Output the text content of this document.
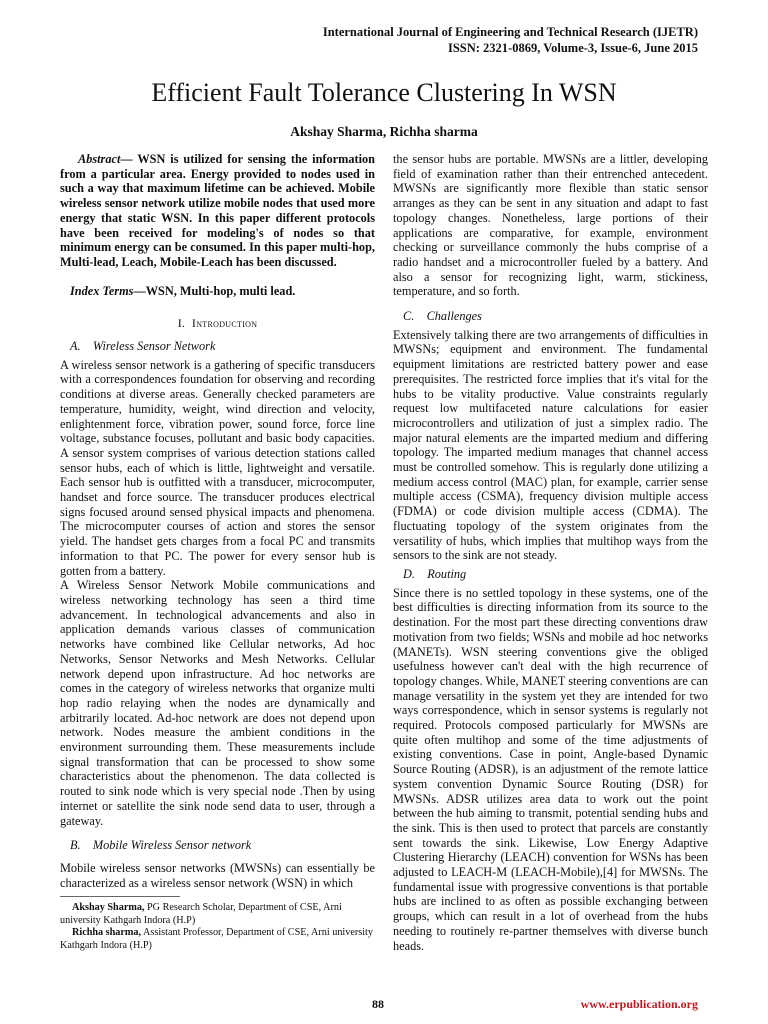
International Journal of Engineering and Technical Research (IJETR)
ISSN: 2321-0869, Volume-3, Issue-6, June 2015
Efficient Fault Tolerance Clustering In WSN
Akshay Sharma, Richha sharma

Abstract— WSN is utilized for sensing the information from a particular area. Energy provided to nodes used in such a way that maximum lifetime can be achieved. Mobile wireless sensor network utilize mobile nodes that used more energy that static WSN. In this paper different protocols have been received for modeling's of nodes so that minimum energy can be consumed. In this paper multi-hop, Multi-lead, Leach, Mobile-Leach has been discussed.

Index Terms—WSN, Multi-hop, multi lead.

I. Introduction
A. Wireless Sensor Network

A wireless sensor network is a gathering of specific transducers with a correspondences foundation for observing and recording conditions at diverse areas. Generally checked parameters are temperature, humidity, weight, wind direction and velocity, enlightenment force, vibration power, sound force, force line voltage, substance focuses, pollutant and basic body capacities. A sensor system comprises of various detection stations called sensor hubs, each of which is little, lightweight and versatile. Each sensor hub is outfitted with a transducer, microcomputer, handset and force source. The transducer produces electrical signs focused around sensed physical impacts and phenomena. The microcomputer courses of action and stores the sensor yield. The handset gets charges from a focal PC and transmits information to that PC. The power for every sensor hub is gotten from a battery.

A Wireless Sensor Network Mobile communications and wireless networking technology has seen a third time advancement. In technological advancements and also in application demands various classes of communication networks have combined like Cellular networks, Ad hoc Networks, Sensor Networks and Mesh Networks. Cellular network depend upon infrastructure. Ad hoc networks are comes in the category of wireless networks that organize multi hop radio relaying when the nodes are dynamically and arbitrarily located. Ad-hoc network are does not depend upon network. Nodes measure the ambient conditions in the environment surrounding them. These measurements include signal transformation that can be processed to show some characteristics about the phenomenon. The data collected is routed to sink node which is very special node .Then by using internet or satellite the sink node send data to user, through a gateway.

B. Mobile Wireless Sensor network

Mobile wireless sensor networks (MWSNs) can essentially be characterized as a wireless sensor network (WSN) in which

the sensor hubs are portable. MWSNs are a littler, developing field of examination rather than their entrenched antecedent. MWSNs are significantly more flexible than static sensor arranges as they can be sent in any situation and adapt to fast topology changes. Nonetheless, large portions of their applications are comparative, for example, environment checking or surveillance commonly the hubs comprise of a radio handset and a microcontroller fueled by a battery. And also a sensor for recognizing light, warm, stickiness, temperature, and so forth.

C. Challenges

Extensively talking there are two arrangements of difficulties in MWSNs; equipment and environment. The fundamental equipment limitations are restricted battery power and ease prerequisites. The restricted force implies that it's vital for the hubs to be vitality productive. Value constraints regularly request low multifaceted nature calculations for easier microcontrollers and utilization of just a simplex radio. The major natural elements are the imparted medium and differing topology. The imparted medium manages that channel access must be controlled somehow. This is regularly done utilizing a medium access control (MAC) plan, for example, carrier sense multiple access (CSMA), frequency division multiple access (FDMA) or code division multiple access (CDMA). The fluctuating topology of the system originates from the versatility of hubs, which implies that multihop ways from the sensors to the sink are not steady.

D. Routing

Since there is no settled topology in these systems, one of the best difficulties is directing information from its source to the destination. For the most part these directing conventions draw motivation from two fields; WSNs and mobile ad hoc networks (MANETs). WSN steering conventions give the obliged usefulness however can't deal with the high recurrence of topology changes. While, MANET steering conventions are can manage versatility in the system yet they are intended for two ways correspondence, which in sensor systems is regularly not required. Protocols composed particularly for MWSNs are quite often multihop and some of the time adjustments of existing conventions. Case in point, Angle-based Dynamic Source Routing (ADSR), is an adjustment of the remote lattice system convention Dynamic Source Routing (DSR) for MWSNs. ADSR utilizes area data to work out the point between the hub aiming to transmit, potential sending hubs and the sink. This is then used to protect that parcels are constantly sent towards the sink. Likewise, Low Energy Adaptive Clustering Hierarchy (LEACH) convention for WSNs has been adjusted to LEACH-M (LEACH-Mobile),[4] for MWSNs. The fundamental issue with progressive conventions is that portable hubs are inclined to as often as possible exchanging between groups, which can result in a lot of overhead from the hubs needing to routinely re-partner themselves with diverse bunch heads.

Akshay Sharma, PG Research Scholar, Department of CSE, Arni university Kathgarh Indora (H.P)

Richha sharma, Assistant Professor, Department of CSE, Arni university Kathgarh Indora (H.P)

88	www.erpublication.org
